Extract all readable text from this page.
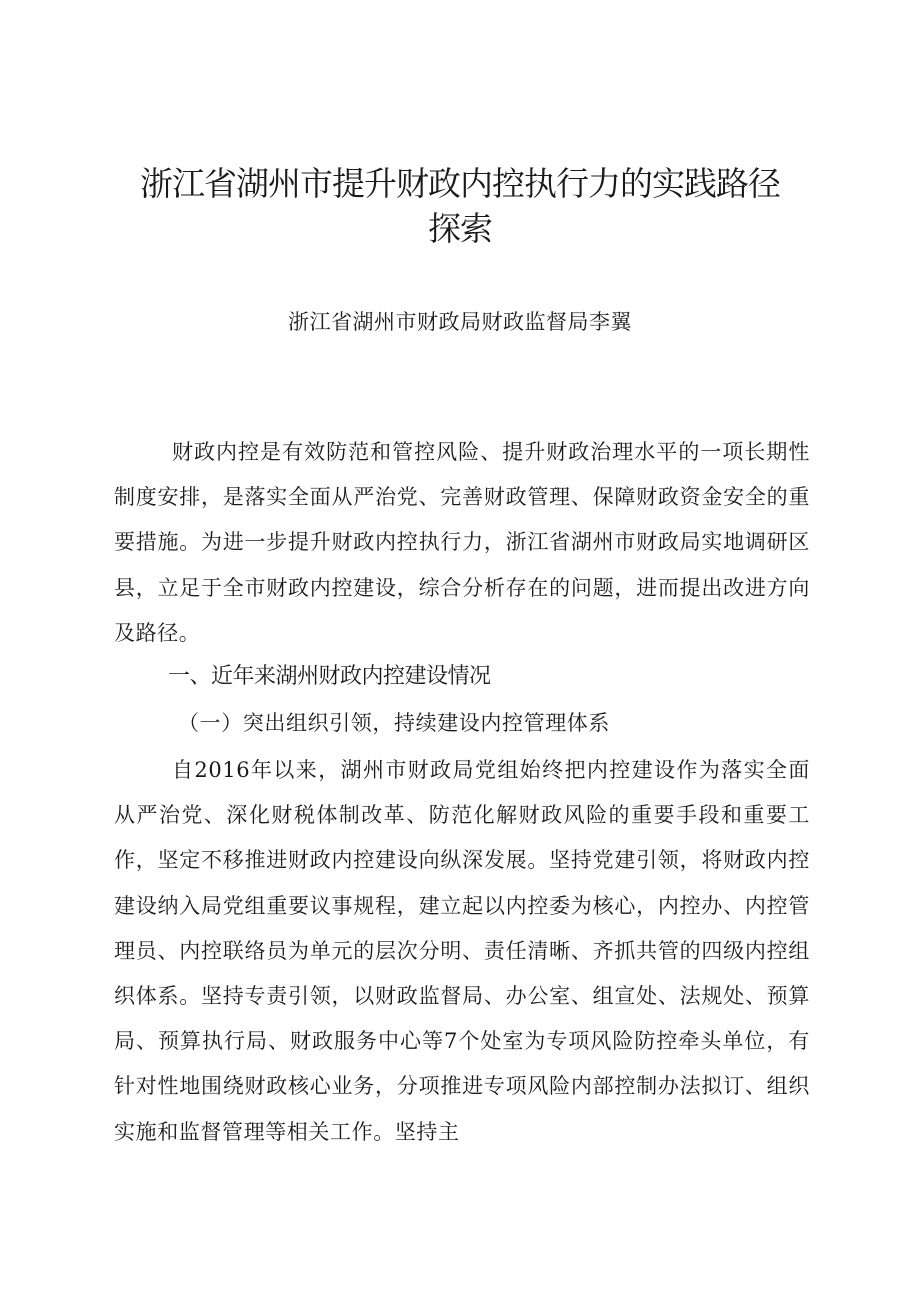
浙江省湖州市提升财政内控执行力的实践路径
探索

浙江省湖州市财政局财政监督局李翼

财政内控是有效防范和管控风险、提升财政治理水平的一项长期性制度安排，是落实全面从严治党、完善财政管理、保障财政资金安全的重要措施。为进一步提升财政内控执行力，浙江省湖州市财政局实地调研区县，立足于全市财政内控建设，综合分析存在的问题，进而提出改进方向及路径。

一、近年来湖州财政内控建设情况
（一）突出组织引领，持续建设内控管理体系

自2016年以来，湖州市财政局党组始终把内控建设作为落实全面从严治党、深化财税体制改革、防范化解财政风险的重要手段和重要工作，坚定不移推进财政内控建设向纵深发展。坚持党建引领，将财政内控建设纳入局党组重要议事规程，建立起以内控委为核心，内控办、内控管理员、内控联络员为单元的层次分明、责任清晰、齐抓共管的四级内控组织体系。坚持专责引领，以财政监督局、办公室、组宣处、法规处、预算局、预算执行局、财政服务中心等7个处室为专项风险防控牵头单位，有针对性地围绕财政核心业务，分项推进专项风险内部控制办法拟订、组织实施和监督管理等相关工作。坚持主
